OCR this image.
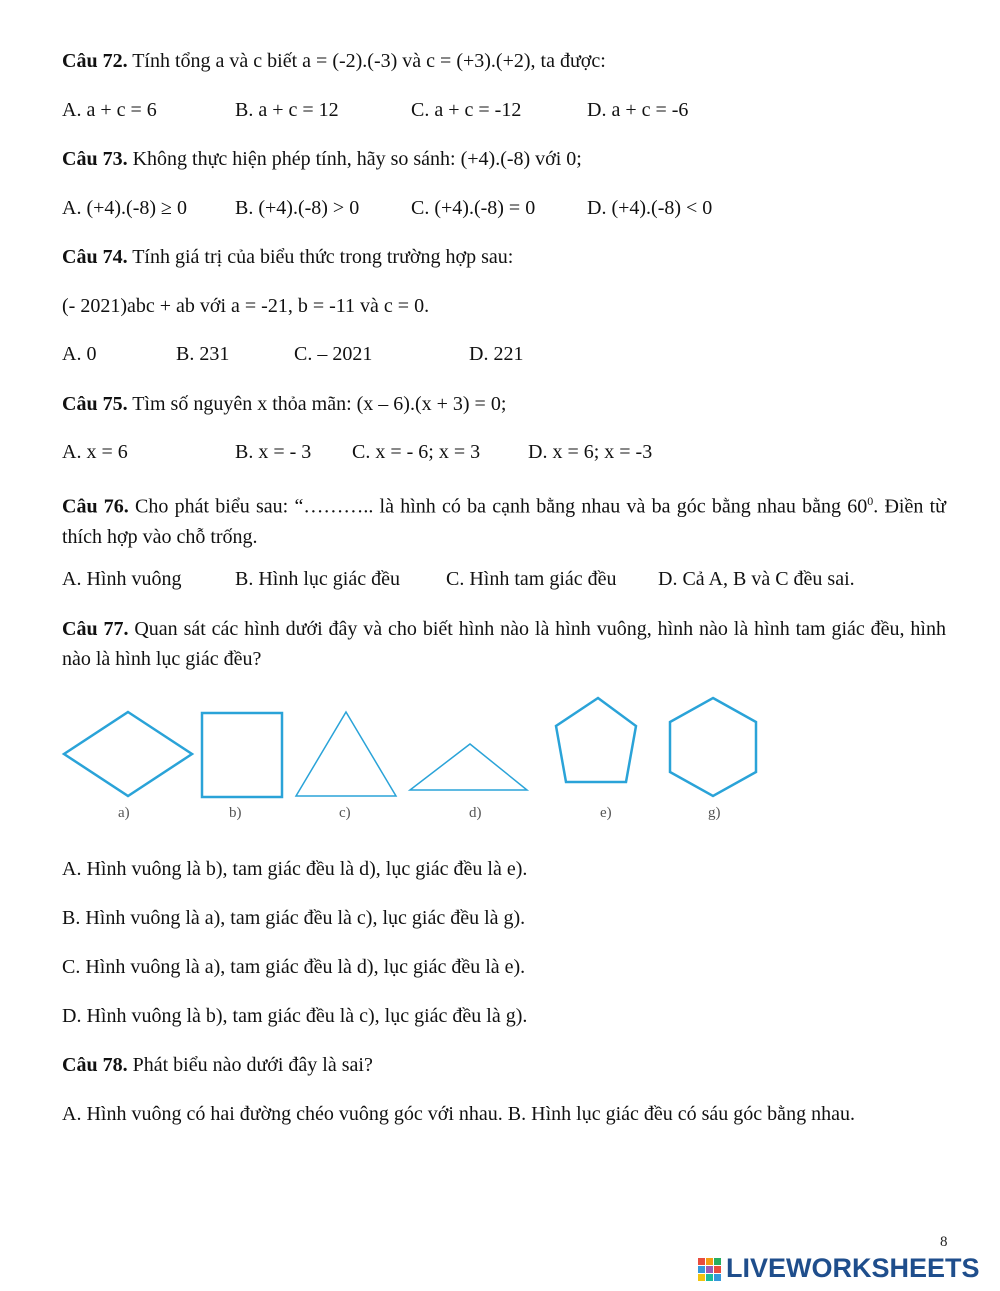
Câu 72. Tính tổng a và c biết a = (-2).(-3) và c = (+3).(+2), ta được:
A. a + c = 6	B. a + c = 12	C. a + c = -12	D. a + c = -6
Câu 73. Không thực hiện phép tính, hãy so sánh: (+4).(-8) với 0;
A. (+4).(-8) ≥ 0 B. (+4).(-8) > 0	C. (+4).(-8) = 0	D. (+4).(-8) < 0
Câu 74. Tính giá trị của biểu thức trong trường hợp sau:
(- 2021)abc + ab với a = -21, b = -11 và c = 0.
A. 0	B. 231	C. – 2021	D. 221
Câu 75. Tìm số nguyên x thỏa mãn: (x – 6).(x + 3) = 0;
A. x = 6	B. x = - 3 C. x = - 6; x = 3 D. x = 6; x = -3
Câu 76. Cho phát biểu sau: “……….. là hình có ba cạnh bằng nhau và ba góc bằng nhau bằng $60^0$. Điền từ thích hợp vào chỗ trống.
A. Hình vuông	B. Hình lục giác đều C. Hình tam giác đều D. Cả A, B và C đều sai.
Câu 77. Quan sát các hình dưới đây và cho biết hình nào là hình vuông, hình nào là hình tam giác đều, hình nào là hình lục giác đều?
a)	b)	c)	d)	e)	g)
A. Hình vuông là b), tam giác đều là d), lục giác đều là e).
B. Hình vuông là a), tam giác đều là c), lục giác đều là g).
C. Hình vuông là a), tam giác đều là d), lục giác đều là e).
D. Hình vuông là b), tam giác đều là c), lục giác đều là g).
Câu 78. Phát biểu nào dưới đây là sai?
A. Hình vuông có hai đường chéo vuông góc với nhau. B. Hình lục giác đều có sáu góc bằng nhau.
8
LIVEWORKSHEETS
